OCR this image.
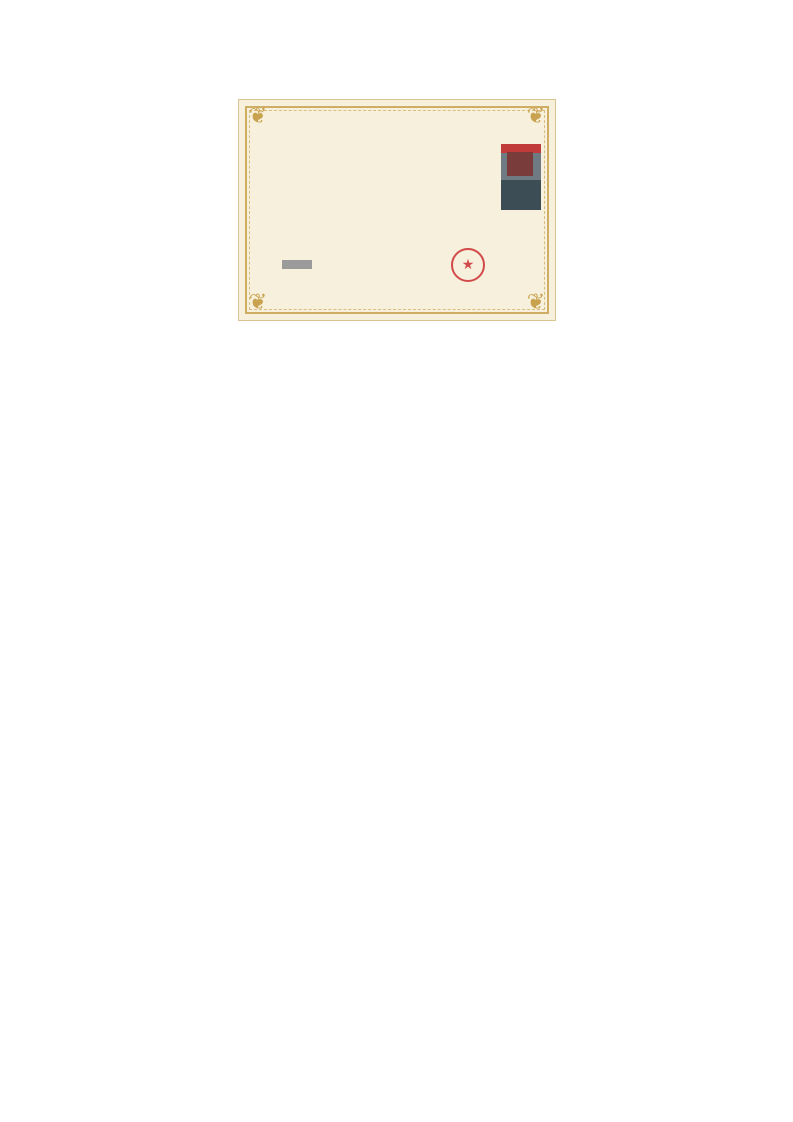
❦	❦
❦	❦
★
